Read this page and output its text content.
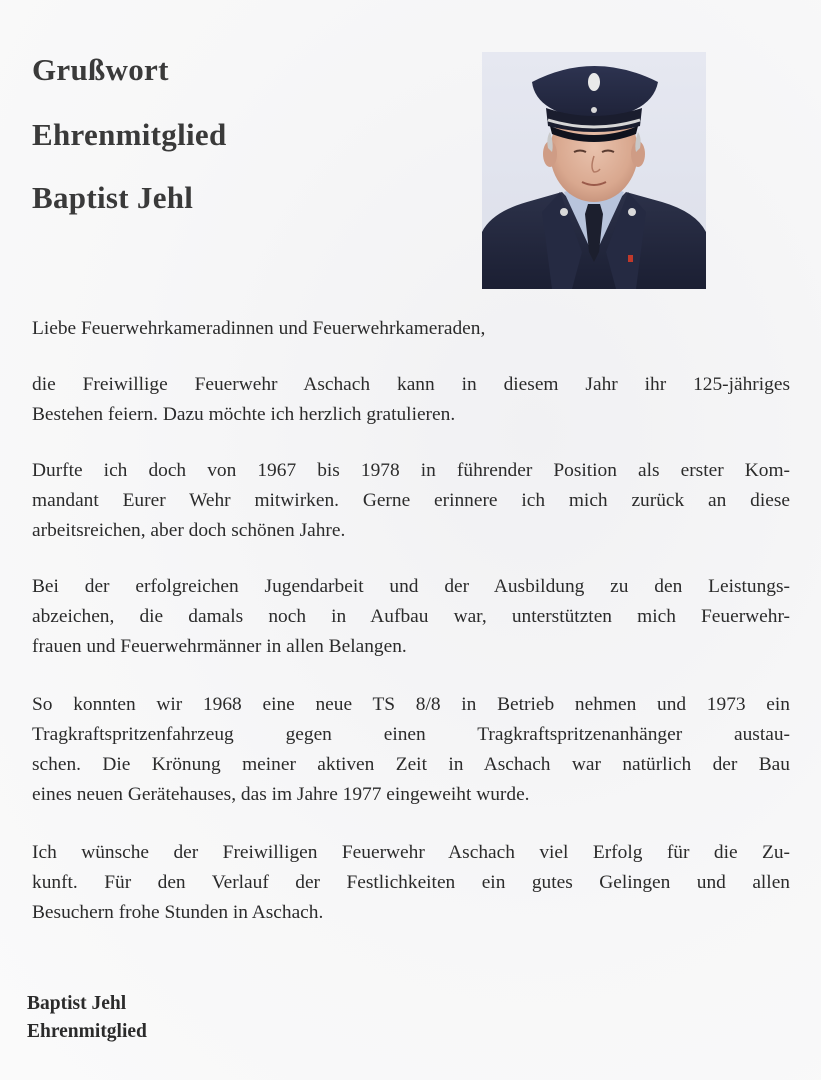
Grußwort
Ehrenmitglied
Baptist Jehl

Liebe Feuerwehrkameradinnen und Feuerwehrkameraden,

die Freiwillige Feuerwehr Aschach kann in diesem Jahr ihr 125-jähriges
Bestehen feiern. Dazu möchte ich herzlich gratulieren.

Durfte ich doch von 1967 bis 1978 in führender Position als erster Kom-
mandant Eurer Wehr mitwirken. Gerne erinnere ich mich zurück an diese
arbeitsreichen, aber doch schönen Jahre.

Bei der erfolgreichen Jugendarbeit und der Ausbildung zu den Leistungs-
abzeichen, die damals noch in Aufbau war, unterstützten mich Feuerwehr-
frauen und Feuerwehrmänner in allen Belangen.

So konnten wir 1968 eine neue TS 8/8 in Betrieb nehmen und 1973 ein
Tragkraftspritzenfahrzeug gegen einen Tragkraftspritzenanhänger austau-
schen. Die Krönung meiner aktiven Zeit in Aschach war natürlich der Bau
eines neuen Gerätehauses, das im Jahre 1977 eingeweiht wurde.

Ich wünsche der Freiwilligen Feuerwehr Aschach viel Erfolg für die Zu-
kunft. Für den Verlauf der Festlichkeiten ein gutes Gelingen und allen
Besuchern frohe Stunden in Aschach.

Baptist Jehl
Ehrenmitglied
